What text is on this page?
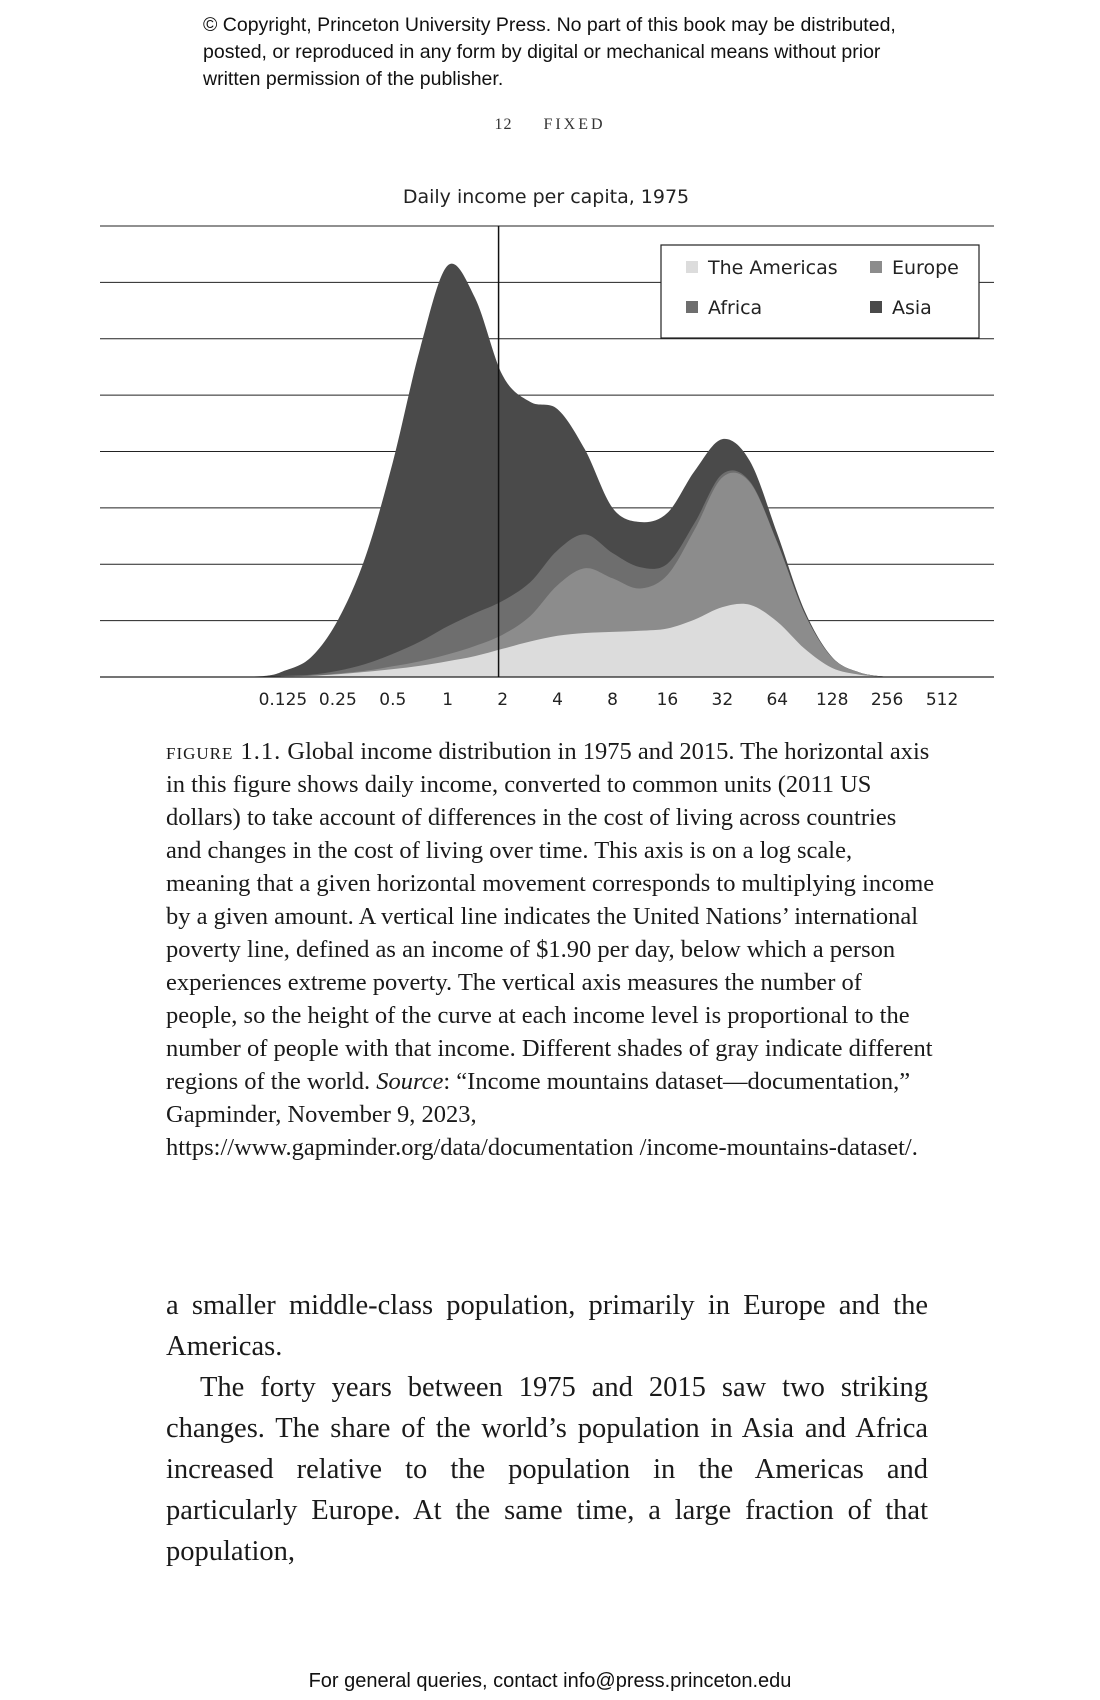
© Copyright, Princeton University Press. No part of this book may be distributed, posted, or reproduced in any form by digital or mechanical means without prior written permission of the publisher.
12 FIXED
Daily income per capita, 1975
0.125 0.25 0.5 1	2	4	8 16 32 64 128 256 512
The Americas	Europe
Africa	Asia
figure 1.1. Global income distribution in 1975 and 2015. The horizontal axis in this figure shows daily income, converted to common units (2011 US dollars) to take account of differences in the cost of living across countries and changes in the cost of living over time. This axis is on a log scale, meaning that a given horizontal movement corresponds to multiplying income by a given amount. A vertical line indicates the United Nations’ international poverty line, defined as an income of $1.90 per day, below which a person experiences extreme poverty. The vertical axis measures the number of people, so the height of the curve at each income level is proportional to the number of people with that income. Different shades of gray indicate different regions of the world. Source: “Income mountains dataset—documentation,” Gapminder, November 9, 2023, https://www.gapminder.org/data/documentation /income-mountains-dataset/.

a smaller middle-class population, primarily in Europe and the Americas.

The forty years between 1975 and 2015 saw two striking changes. The share of the world’s population in Asia and Africa increased relative to the population in the Americas and particularly Europe. At the same time, a large fraction of that population,

For general queries, contact info@press.princeton.edu
